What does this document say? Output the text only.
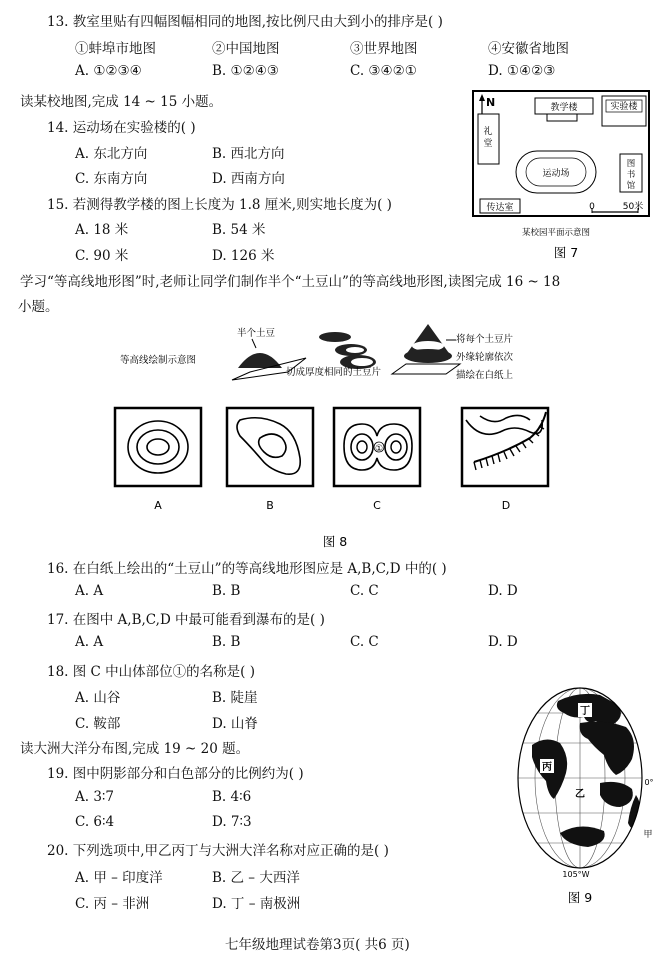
13. 教室里贴有四幅图幅相同的地图,按比例尺由大到小的排序是( )
①蚌埠市地图	②中国地图	③世界地图	④安徽省地图
A. ①②③④	B. ①②④③	C. ③④②①	D. ①④②③
读某校地图,完成 14 ~ 15 小题。
14. 运动场在实验楼的( )
A. 东北方向	B. 西北方向
C. 东南方向	D. 西南方向
15. 若测得教学楼的图上长度为 1.8 厘米,则实地长度为( )
A. 18 米	B. 54 米
C. 90 米	D. 126 米
N	教学楼	实验楼
礼
堂
运动场
图
书
馆
传达室	0	50米
某校园平面示意图
图 7
学习“等高线地形图”时,老师让同学们制作半个“土豆山”的等高线地形图,读图完成 16 ~ 18
小题。
等高线绘制示意图
半个土豆
切成厚度相同的土豆片
将每个土豆片
外缘轮廓依次
描绘在白纸上
A	B
①
C	D
图 8
16. 在白纸上绘出的“土豆山”的等高线地形图应是 A,B,C,D 中的( )
A. A	B. B	C. C	D. D
17. 在图中 A,B,C,D 中最可能看到瀑布的是( )
A. A	B. B	C. C	D. D
18. 图 C 中山体部位①的名称是( )
A. 山谷	B. 陡崖
C. 鞍部	D. 山脊
读大洲大洋分布图,完成 19 ~ 20 题。
19. 图中阴影部分和白色部分的比例约为( )
A. 3∶7	B. 4∶6
C. 6∶4	D. 7∶3
20. 下列选项中,甲乙丙丁与大洲大洋名称对应正确的是( )
A. 甲 – 印度洋	B. 乙 – 大西洋
C. 丙 – 非洲	D. 丁 – 南极洲
丁
丙
乙
甲
0°
105°W
图 9
七年级地理试卷第3页( 共6 页)
